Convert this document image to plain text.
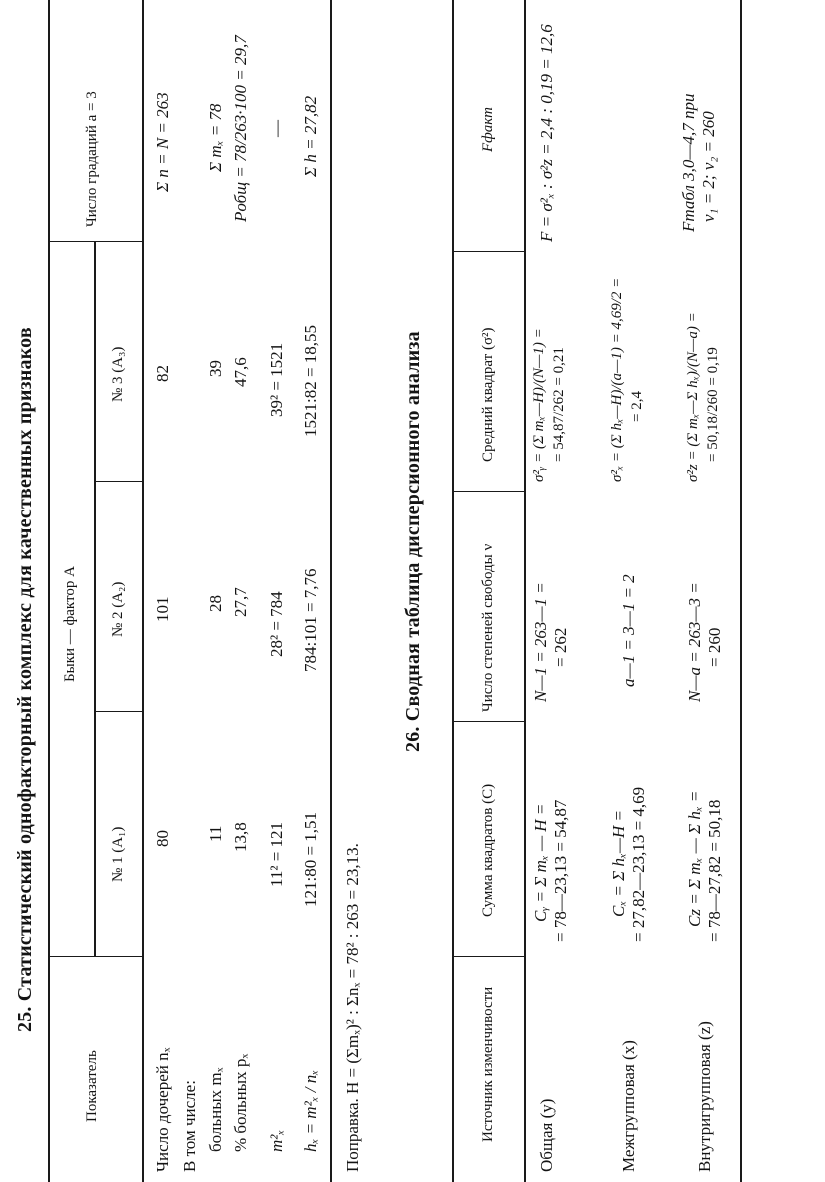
25. Статистический однофакторный комплекс для качественных признаков
Показатель
Быки — фактор A
Число градаций a = 3
№ 1 (A₁)
№ 2 (A₂)
№ 3 (A₃)
Число дочерей nₓ В том числе: больных mₓ % больных pₓ m²ₓ hₓ = m²ₓ / nₓ
80 11 13,8 11² = 121 121:80 = 1,51
101 28 27,7 28² = 784 784:101 = 7,76
82 39 47,6 39² = 1521 1521:82 = 18,55
Σ n = N = 263 Σ mₓ = 78 Pобщ = 78/263·100 = 29,7 — Σ h = 27,82
Поправка. H = (Σmₓ)² : Σnₓ = 78² : 263 = 23,13.
26. Сводная таблица дисперсионного анализа
Источник изменчивости
Сумма квадратов (C)
Число степеней свободы ν
Средний квадрат (σ²)
Fфакт
Общая (y)
Cᵧ = Σ mₓ — H = = 78—23,13 = 54,87
N—1 = 263—1 = = 262
σ²ᵧ = (Σ mₓ—H)/(N—1) = = 54,87/262 = 0,21
F = σ²ₓ : σ²z = 2,4 : 0,19 = 12,6
Межгрупповая (x)
Cₓ = Σ hₓ—H = = 27,82—23,13 = 4,69
a—1 = 3—1 = 2
σ²ₓ = (Σ hₓ—H)/(a—1) = 4,69/2 = = 2,4
Внутригрупповая (z)
Cz = Σ mₓ — Σ hₓ = = 78—27,82 = 50,18
N—a = 263—3 = = 260
σ²z = (Σ mₓ—Σ hₓ)/(N—a) = = 50,18/260 = 0,19
Fтабл 3,0—4,7 при ν₁ = 2; ν₂ = 260
